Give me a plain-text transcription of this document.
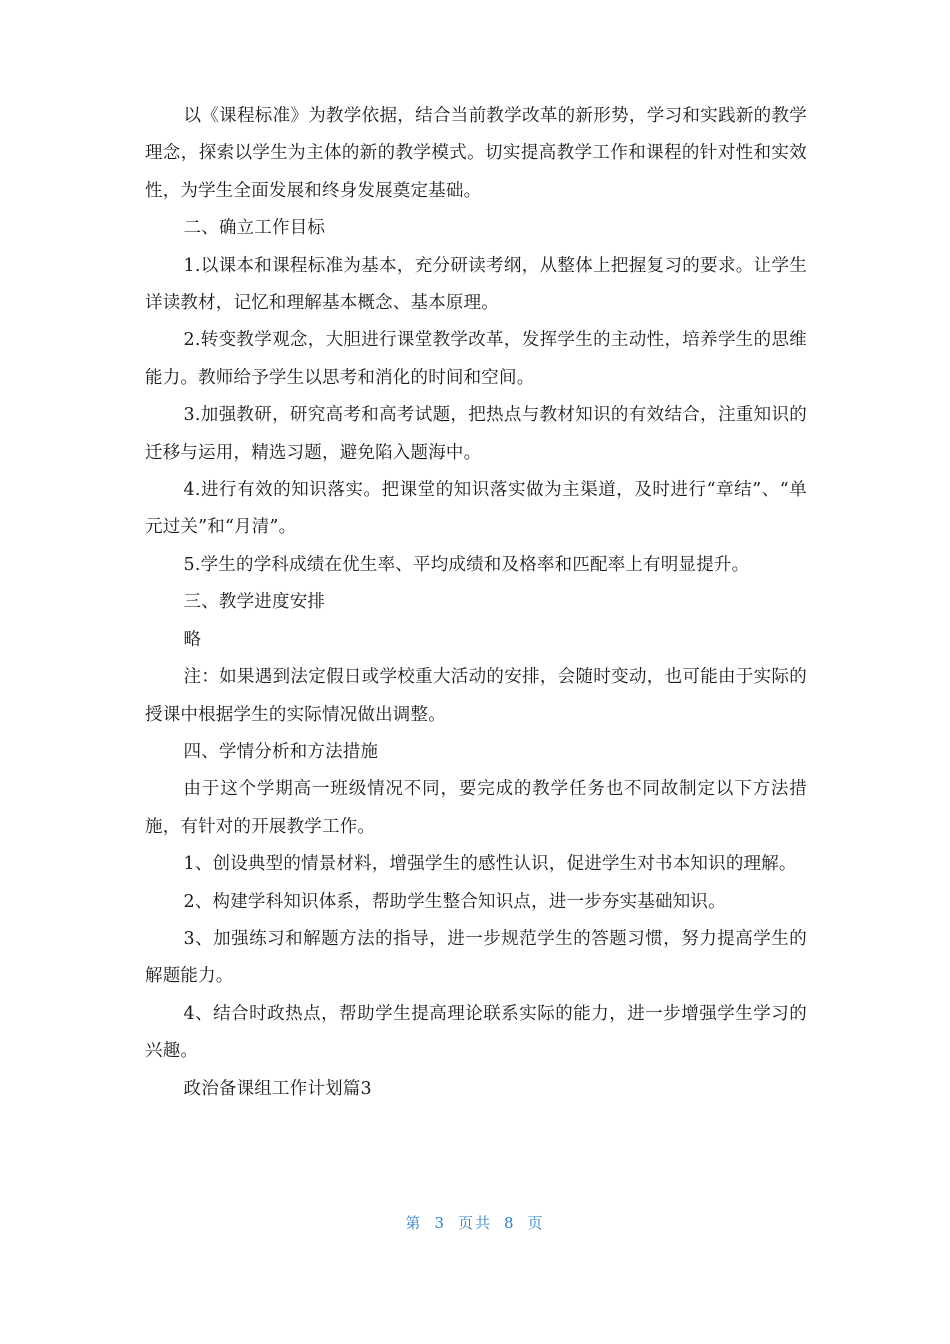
以《课程标准》为教学依据，结合当前教学改革的新形势，学习和实践新的教学理念，探索以学生为主体的新的教学模式。切实提高教学工作和课程的针对性和实效性，为学生全面发展和终身发展奠定基础。

二、确立工作目标

1.以课本和课程标准为基本，充分研读考纲，从整体上把握复习的要求。让学生详读教材，记忆和理解基本概念、基本原理。

2.转变教学观念，大胆进行课堂教学改革，发挥学生的主动性，培养学生的思维能力。教师给予学生以思考和消化的时间和空间。

3.加强教研，研究高考和高考试题，把热点与教材知识的有效结合，注重知识的迁移与运用，精选习题，避免陷入题海中。

4.进行有效的知识落实。把课堂的知识落实做为主渠道，及时进行“章结”、“单元过关”和“月清”。

5.学生的学科成绩在优生率、平均成绩和及格率和匹配率上有明显提升。

三、教学进度安排

略

注：如果遇到法定假日或学校重大活动的安排，会随时变动，也可能由于实际的授课中根据学生的实际情况做出调整。

四、学情分析和方法措施

由于这个学期高一班级情况不同，要完成的教学任务也不同故制定以下方法措施，有针对的开展教学工作。

1、创设典型的情景材料，增强学生的感性认识，促进学生对书本知识的理解。

2、构建学科知识体系，帮助学生整合知识点，进一步夯实基础知识。

3、加强练习和解题方法的指导，进一步规范学生的答题习惯，努力提高学生的解题能力。

4、结合时政热点，帮助学生提高理论联系实际的能力，进一步增强学生学习的兴趣。

政治备课组工作计划篇3

第 3 页共 8 页
